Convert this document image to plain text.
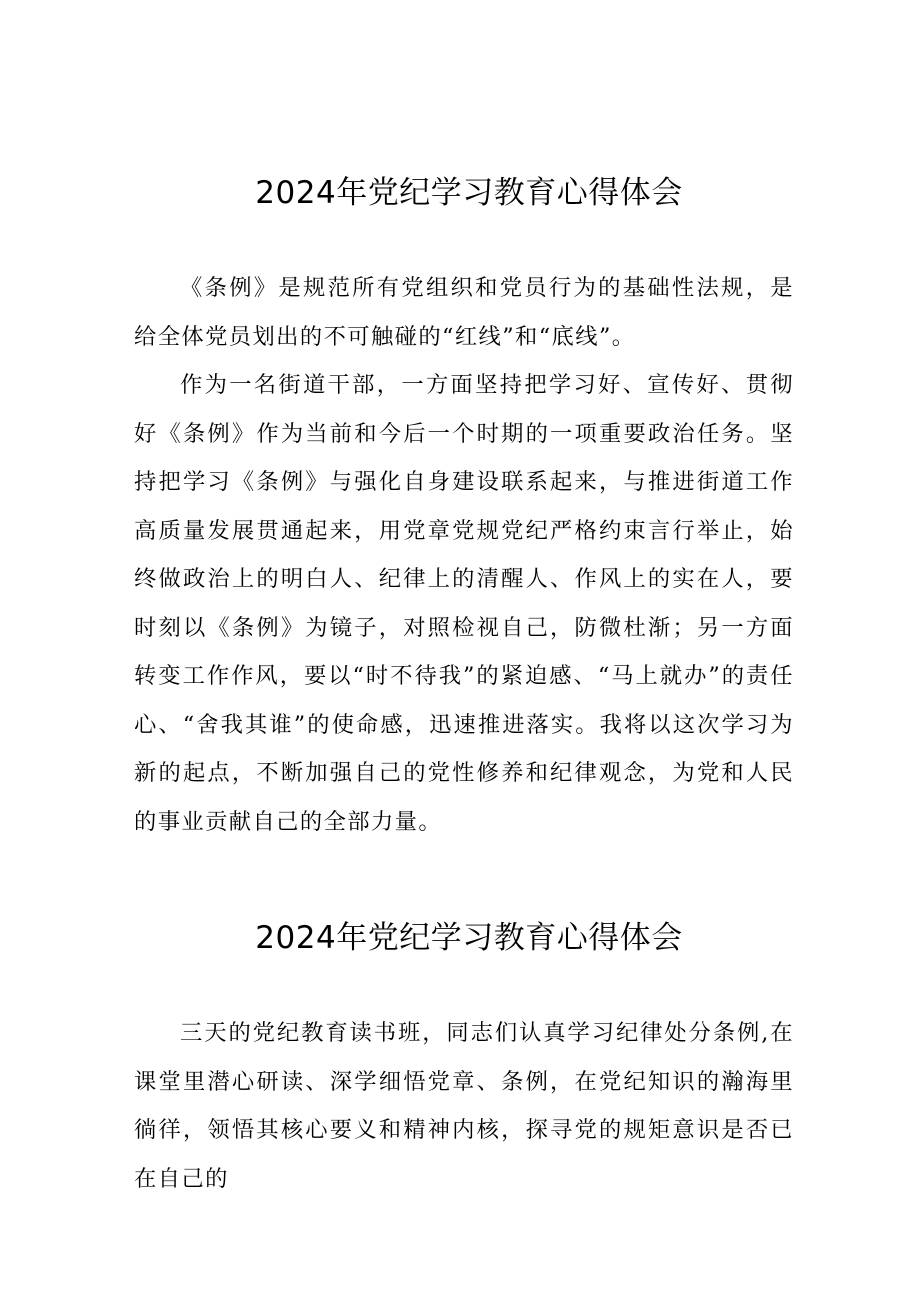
2024年党纪学习教育心得体会

《条例》是规范所有党组织和党员行为的基础性法规，是给全体党员划出的不可触碰的“红线”和“底线”。

作为一名街道干部，一方面坚持把学习好、宣传好、贯彻好《条例》作为当前和今后一个时期的一项重要政治任务。坚持把学习《条例》与强化自身建设联系起来，与推进街道工作高质量发展贯通起来，用党章党规党纪严格约束言行举止，始终做政治上的明白人、纪律上的清醒人、作风上的实在人，要时刻以《条例》为镜子，对照检视自己，防微杜渐；另一方面转变工作作风，要以“时不待我”的紧迫感、“马上就办”的责任心、“舍我其谁”的使命感，迅速推进落实。我将以这次学习为新的起点，不断加强自己的党性修养和纪律观念，为党和人民的事业贡献自己的全部力量。

2024年党纪学习教育心得体会

三天的党纪教育读书班，同志们认真学习纪律处分条例,在课堂里潜心研读、深学细悟党章、条例，在党纪知识的瀚海里徜徉，领悟其核心要义和精神内核，探寻党的规矩意识是否已在自己的
